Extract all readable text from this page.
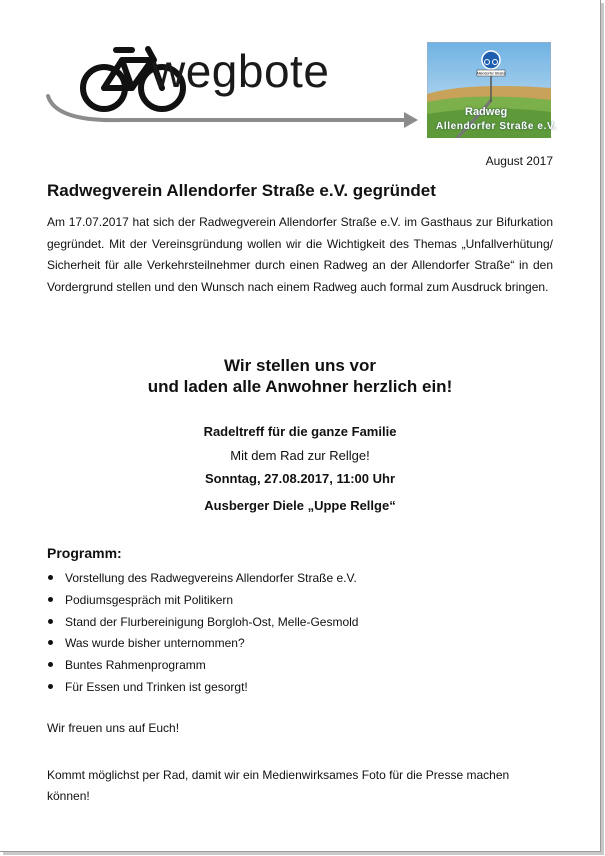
wegbote	Allendorfer Straße
Radweg
Allendorfer Straße e.V.
August 2017
Radwegverein Allendorfer Straße e.V. gegründet

Am 17.07.2017 hat sich der Radwegverein Allendorfer Straße e.V. im Gasthaus zur Bifurkation gegründet. Mit der Vereinsgründung wollen wir die Wichtigkeit des Themas „Unfallverhütung/ Sicherheit für alle Verkehrsteilnehmer durch einen Radweg an der Allendorfer Straße“ in den Vordergrund stellen und den Wunsch nach einem Radweg auch formal zum Ausdruck bringen.

Wir stellen uns vor
und laden alle Anwohner herzlich ein!
Radeltreff für die ganze Familie
Mit dem Rad zur Rellge!
Sonntag, 27.08.2017, 11:00 Uhr
Ausberger Diele „Uppe Rellge“
Programm:
Vorstellung des Radwegvereins Allendorfer Straße e.V.
Podiumsgespräch mit Politikern
Stand der Flurbereinigung Borgloh-Ost, Melle-Gesmold
Was wurde bisher unternommen?
Buntes Rahmenprogramm
Für Essen und Trinken ist gesorgt!
Wir freuen uns auf Euch!

Kommt möglichst per Rad, damit wir ein Medienwirksames Foto für die Presse machen können!
